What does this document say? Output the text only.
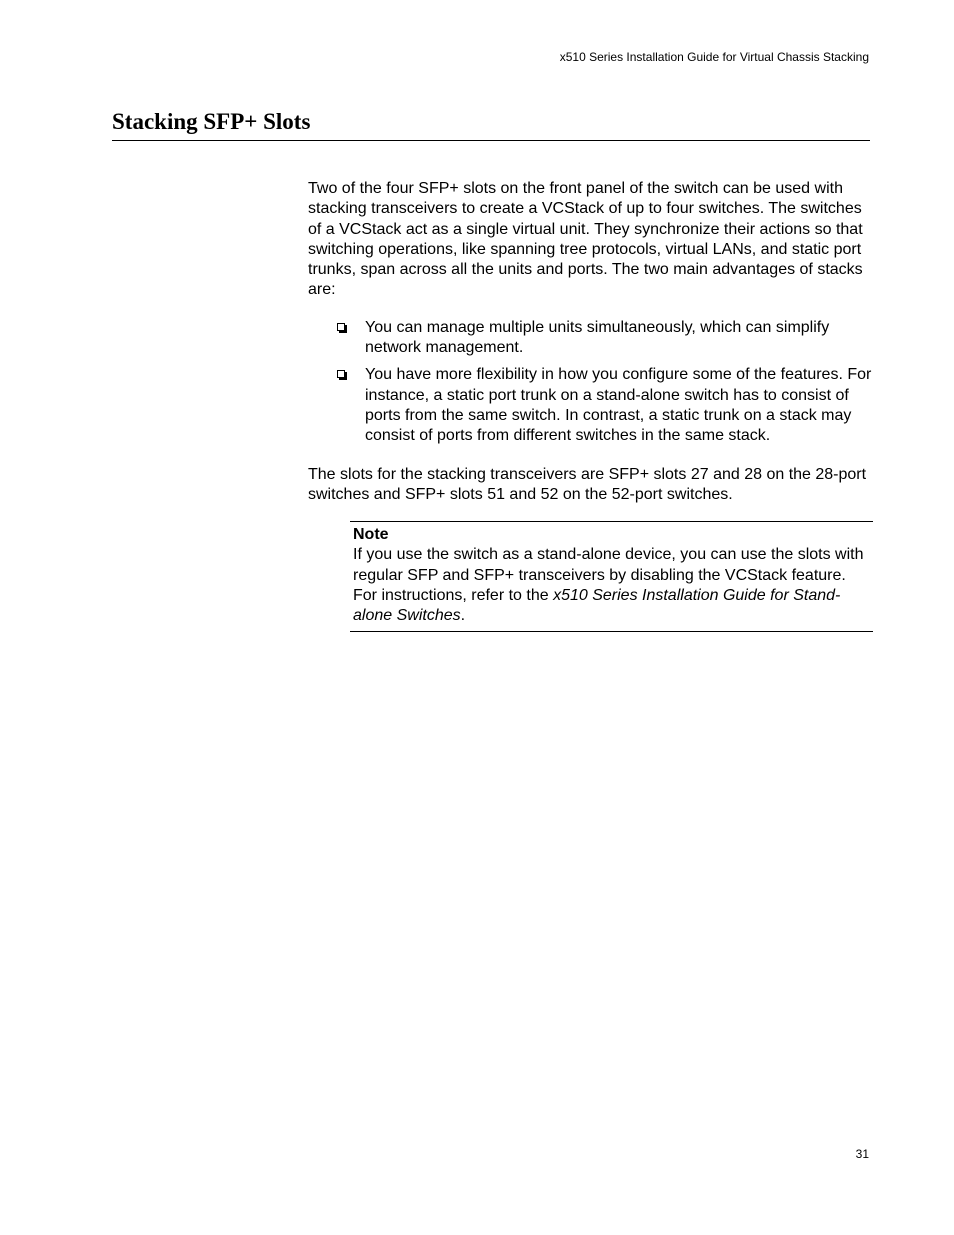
x510 Series Installation Guide for Virtual Chassis Stacking
Stacking SFP+ Slots

Two of the four SFP+ slots on the front panel of the switch can be used with stacking transceivers to create a VCStack of up to four switches. The switches of a VCStack act as a single virtual unit. They synchronize their actions so that switching operations, like spanning tree protocols, virtual LANs, and static port trunks, span across all the units and ports. The two main advantages of stacks are:

You can manage multiple units simultaneously, which can simplify network management.
You have more flexibility in how you configure some of the features. For instance, a static port trunk on a stand-alone switch has to consist of ports from the same switch. In contrast, a static trunk on a stack may consist of ports from different switches in the same stack.

The slots for the stacking transceivers are SFP+ slots 27 and 28 on the 28-port switches and SFP+ slots 51 and 52 on the 52-port switches.

Note
If you use the switch as a stand-alone device, you can use the slots with regular SFP and SFP+ transceivers by disabling the VCStack feature. For instructions, refer to the x510 Series Installation Guide for Stand-alone Switches.
31
